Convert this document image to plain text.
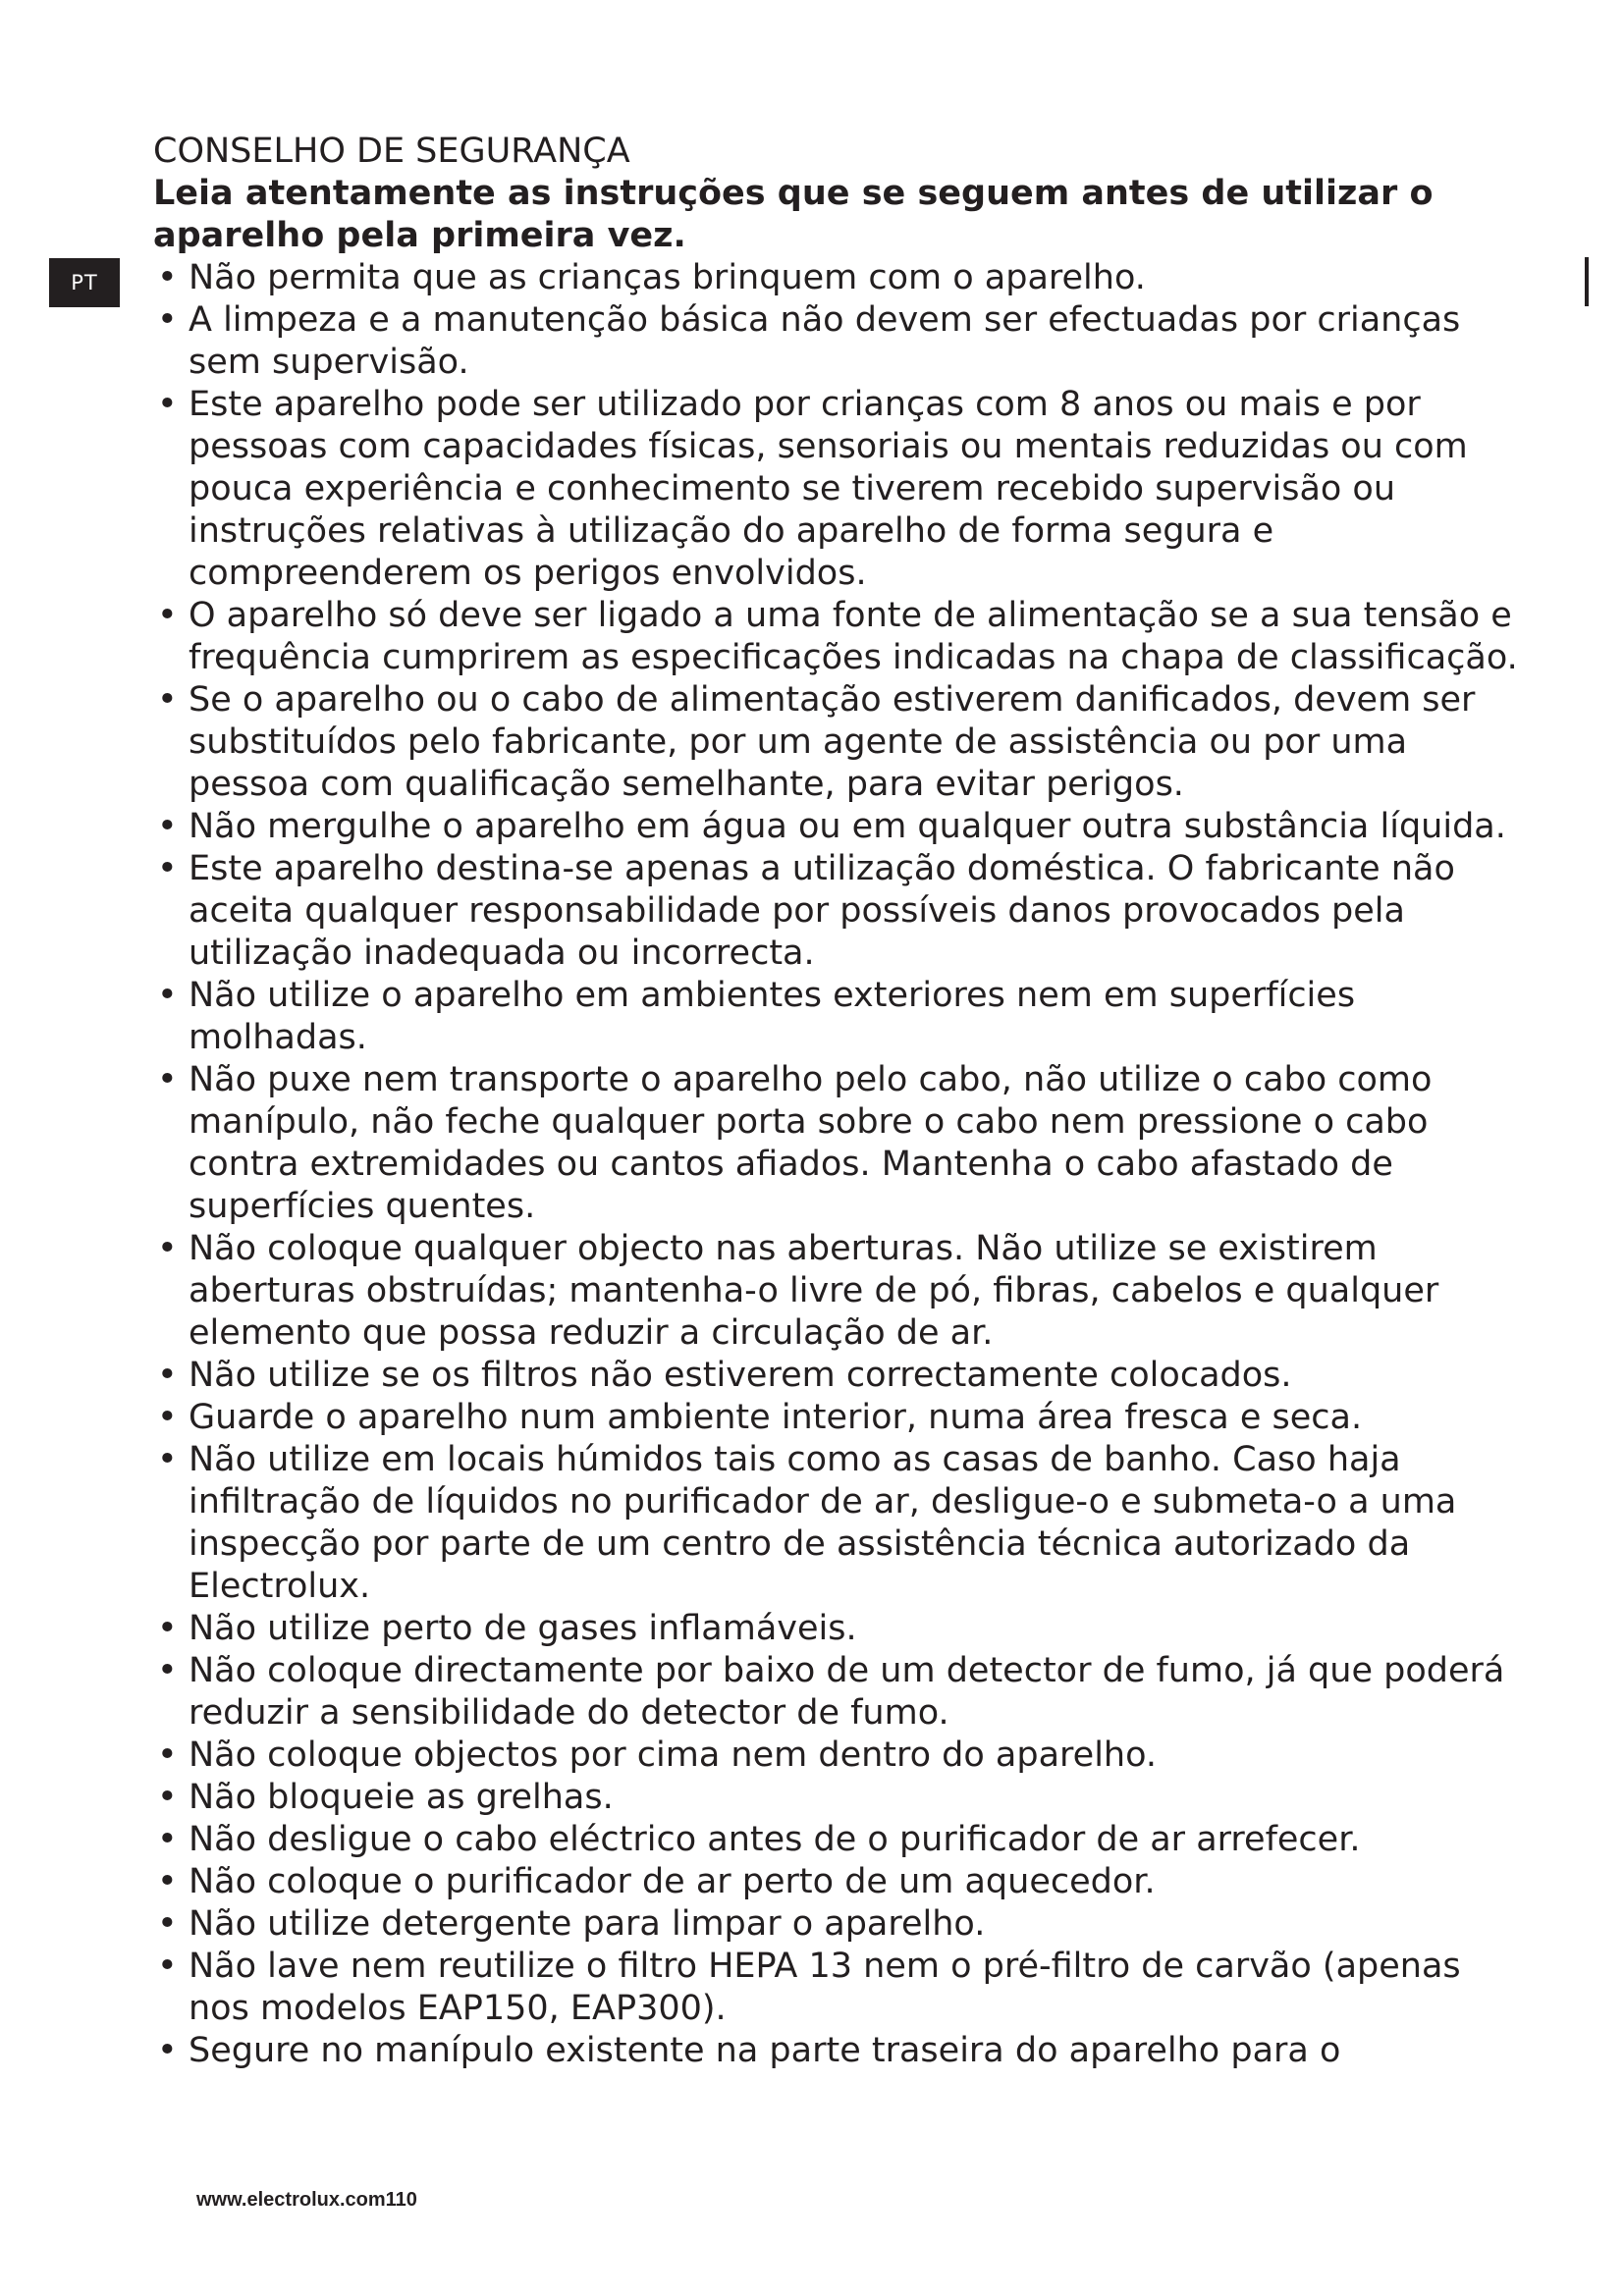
PT
CONSELHO DE SEGURANÇA

Leia atentamente as instruções que se seguem antes de utilizar o aparelho pela primeira vez.

• Não permita que as crianças brinquem com o aparelho.
• A limpeza e a manutenção básica não devem ser efectuadas por crianças sem supervisão.
• Este aparelho pode ser utilizado por crianças com 8 anos ou mais e por pessoas com capacidades físicas, sensoriais ou mentais reduzidas ou com pouca experiência e conhecimento se tiverem recebido supervisão ou instruções relativas à utilização do aparelho de forma segura e compreenderem os perigos envolvidos.
• O aparelho só deve ser ligado a uma fonte de alimentação se a sua tensão e frequência cumprirem as especificações indicadas na chapa de classificação.
• Se o aparelho ou o cabo de alimentação estiverem danificados, devem ser substituídos pelo fabricante, por um agente de assistência ou por uma pessoa com qualificação semelhante, para evitar perigos.
• Não mergulhe o aparelho em água ou em qualquer outra substância líquida.
• Este aparelho destina-se apenas a utilização doméstica. O fabricante não aceita qualquer responsabilidade por possíveis danos provocados pela utilização inadequada ou incorrecta.
• Não utilize o aparelho em ambientes exteriores nem em superfícies molhadas.
• Não puxe nem transporte o aparelho pelo cabo, não utilize o cabo como manípulo, não feche qualquer porta sobre o cabo nem pressione o cabo contra extremidades ou cantos afiados. Mantenha o cabo afastado de superfícies quentes.
• Não coloque qualquer objecto nas aberturas. Não utilize se existirem aberturas obstruídas; mantenha-o livre de pó, fibras, cabelos e qualquer elemento que possa reduzir a circulação de ar.
• Não utilize se os filtros não estiverem correctamente colocados.
• Guarde o aparelho num ambiente interior, numa área fresca e seca.
• Não utilize em locais húmidos tais como as casas de banho. Caso haja infiltração de líquidos no purificador de ar, desligue-o e submeta-o a uma inspecção por parte de um centro de assistência técnica autorizado da Electrolux.
• Não utilize perto de gases inflamáveis.
• Não coloque directamente por baixo de um detector de fumo, já que poderá reduzir a sensibilidade do detector de fumo.
• Não coloque objectos por cima nem dentro do aparelho.
• Não bloqueie as grelhas.
• Não desligue o cabo eléctrico antes de o purificador de ar arrefecer.
• Não coloque o purificador de ar perto de um aquecedor.
• Não utilize detergente para limpar o aparelho.
• Não lave nem reutilize o filtro HEPA 13 nem o pré-filtro de carvão (apenas nos modelos EAP150, EAP300).
• Segure no manípulo existente na parte traseira do aparelho para o
www.electrolux.com110
